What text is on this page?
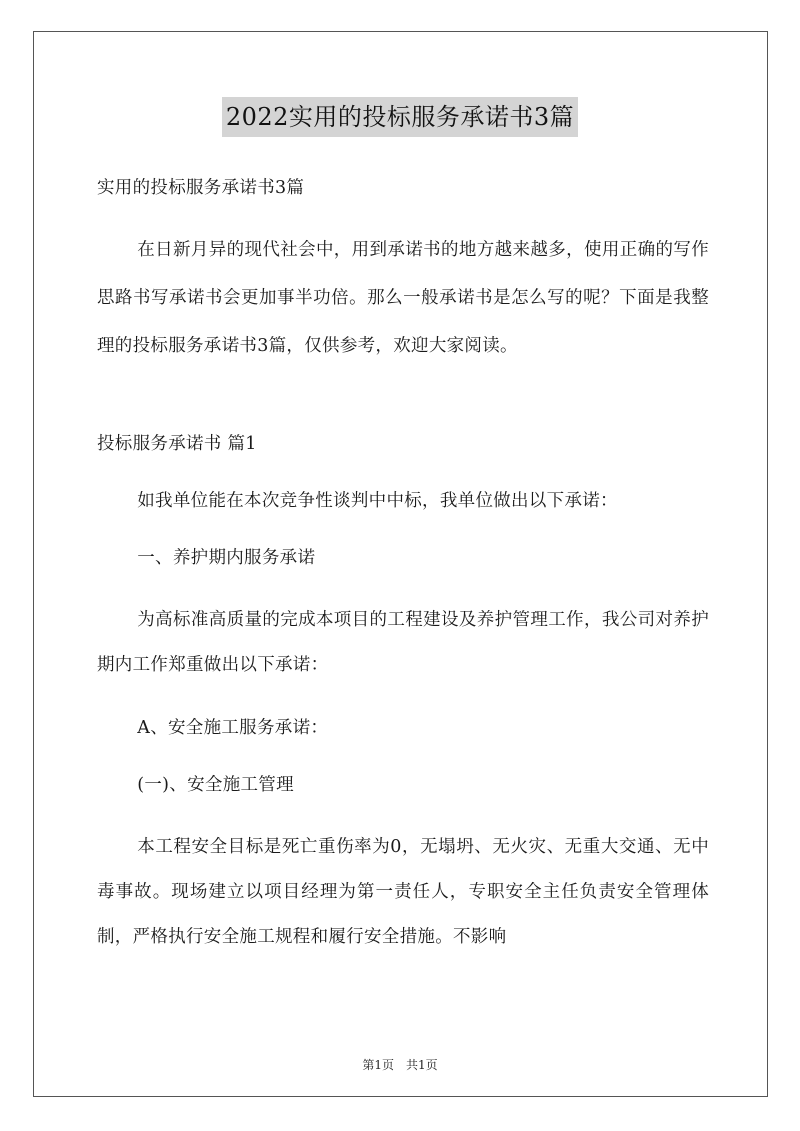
2022实用的投标服务承诺书3篇

实用的投标服务承诺书3篇

在日新月异的现代社会中，用到承诺书的地方越来越多，使用正确的写作思路书写承诺书会更加事半功倍。那么一般承诺书是怎么写的呢？下面是我整理的投标服务承诺书3篇，仅供参考，欢迎大家阅读。

投标服务承诺书 篇1

如我单位能在本次竞争性谈判中中标，我单位做出以下承诺：

一、养护期内服务承诺

为高标准高质量的完成本项目的工程建设及养护管理工作，我公司对养护期内工作郑重做出以下承诺：

A、安全施工服务承诺：

(一)、安全施工管理

本工程安全目标是死亡重伤率为0，无塌坍、无火灾、无重大交通、无中毒事故。现场建立以项目经理为第一责任人，专职安全主任负责安全管理体制，严格执行安全施工规程和履行安全措施。不影响

第1页　共1页
